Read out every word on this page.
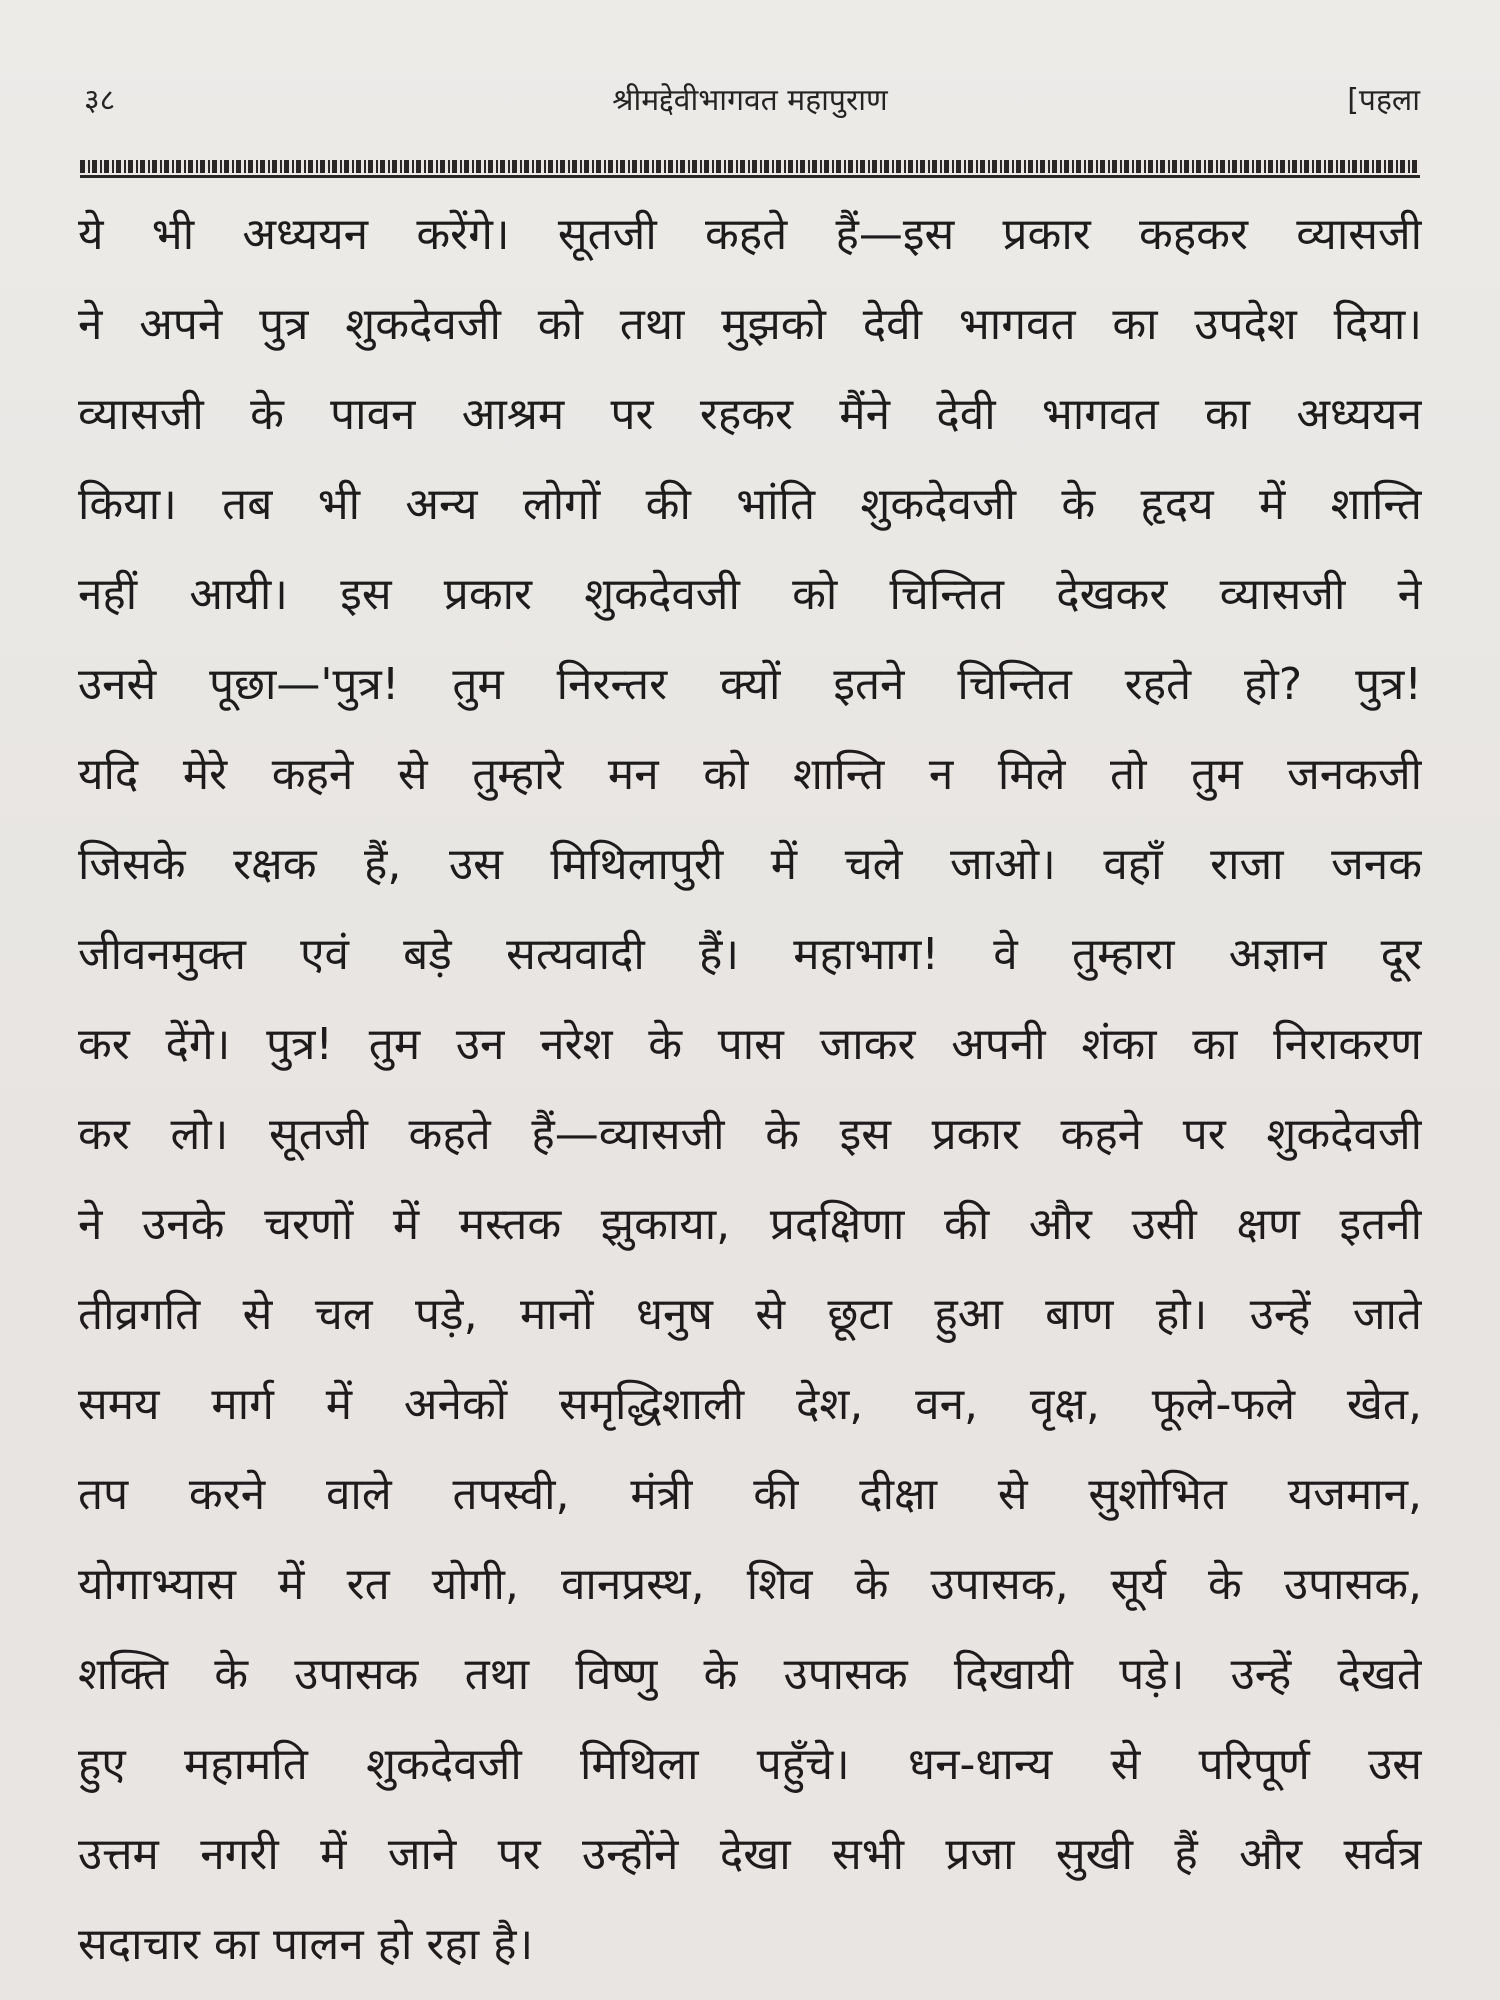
३८	श्रीमद्देवीभागवत महापुराण	[पहला
ये भी अध्ययन करेंगे। सूतजी कहते हैं—इस प्रकार कहकर व्यासजी
ने अपने पुत्र शुकदेवजी को तथा मुझको देवी भागवत का उपदेश दिया।
व्यासजी के पावन आश्रम पर रहकर मैंने देवी भागवत का अध्ययन
किया। तब भी अन्य लोगों की भांति शुकदेवजी के हृदय में शान्ति
नहीं आयी। इस प्रकार शुकदेवजी को चिन्तित देखकर व्यासजी ने
उनसे पूछा—'पुत्र! तुम निरन्तर क्यों इतने चिन्तित रहते हो? पुत्र!
यदि मेरे कहने से तुम्हारे मन को शान्ति न मिले तो तुम जनकजी
जिसके रक्षक हैं, उस मिथिलापुरी में चले जाओ। वहाँ राजा जनक
जीवनमुक्त एवं बड़े सत्यवादी हैं। महाभाग! वे तुम्हारा अज्ञान दूर
कर देंगे। पुत्र! तुम उन नरेश के पास जाकर अपनी शंका का निराकरण
कर लो। सूतजी कहते हैं—व्यासजी के इस प्रकार कहने पर शुकदेवजी
ने उनके चरणों में मस्तक झुकाया, प्रदक्षिणा की और उसी क्षण इतनी
तीव्रगति से चल पड़े, मानों धनुष से छूटा हुआ बाण हो। उन्हें जाते
समय मार्ग में अनेकों समृद्धिशाली देश, वन, वृक्ष, फूले-फले खेत,
तप करने वाले तपस्वी, मंत्री की दीक्षा से सुशोभित यजमान,
योगाभ्यास में रत योगी, वानप्रस्थ, शिव के उपासक, सूर्य के उपासक,
शक्ति के उपासक तथा विष्णु के उपासक दिखायी पड़े। उन्हें देखते
हुए महामति शुकदेवजी मिथिला पहुँचे। धन-धान्य से परिपूर्ण उस
उत्तम नगरी में जाने पर उन्होंने देखा सभी प्रजा सुखी हैं और सर्वत्र
सदाचार का पालन हो रहा है।
